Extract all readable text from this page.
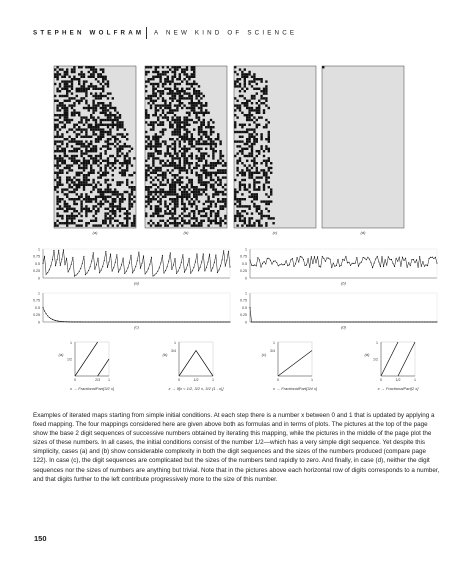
STEPHEN WOLFRAM A NEW KIND OF SCIENCE
(a)	(b)	(c)	(d)
1
0.75
0.5
0.25
0
(a)
1
0.75
0.5
0.25
0
(b)
1
0.75
0.5
0.25
0
(c)
1
0.75
0.5
0.25
0
(d)
(a)
1
1/2
0	2/3 1
x → FractionalPart[3/2 x]
(b)
1
3/4
0	1/2	1
x → If[x < 1/2, 3/2 x, 3/2 (1 - x)]
(c)
1
3/4
0	1
x → FractionalPart[3/4 x]
(d)
1
1/2
0	1/2	1
x → FractionalPart[2 x]
Examples of iterated maps starting from simple initial conditions. At each step there is a number x between 0 and 1 that is updated by applying a fixed mapping. The four mappings considered here are given above both as formulas and in terms of plots. The pictures at the top of the page show the base 2 digit sequences of successive numbers obtained by iterating this mapping, while the pictures in the middle of the page plot the sizes of these numbers. In all cases, the initial conditions consist of the number 1/2—which has a very simple digit sequence. Yet despite this simplicity, cases (a) and (b) show considerable complexity in both the digit sequences and the sizes of the numbers produced (compare page 122). In case (c), the digit sequences are complicated but the sizes of the numbers tend rapidly to zero. And finally, in case (d), neither the digit sequences nor the sizes of numbers are anything but trivial. Note that in the pictures above each horizontal row of digits corresponds to a number, and that digits further to the left contribute progressively more to the size of this number.
150
